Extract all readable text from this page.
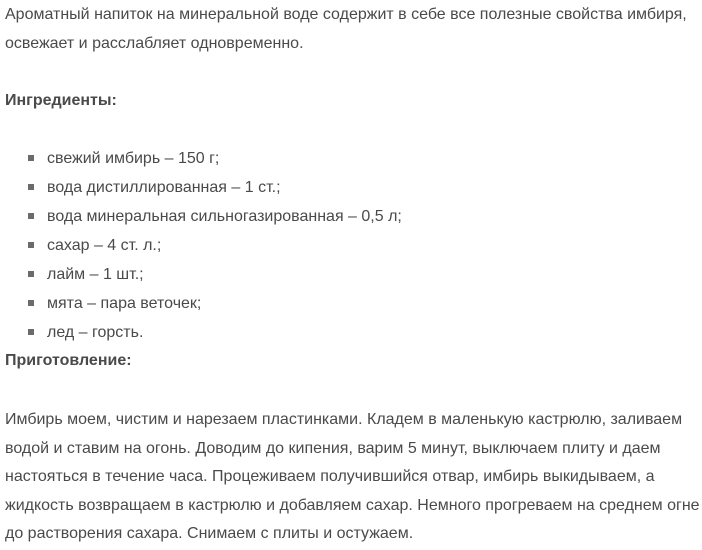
Ароматный напиток на минеральной воде содержит в себе все полезные свойства имбиря, освежает и расслабляет одновременно.

Ингредиенты:
свежий имбирь – 150 г;
вода дистиллированная – 1 ст.;
вода минеральная сильногазированная – 0,5 л;
сахар – 4 ст. л.;
лайм – 1 шт.;
мята – пара веточек;
лед – горсть.
Приготовление:

Имбирь моем, чистим и нарезаем пластинками. Кладем в маленькую кастрюлю, заливаем водой и ставим на огонь. Доводим до кипения, варим 5 минут, выключаем плиту и даем настояться в течение часа. Процеживаем получившийся отвар, имбирь выкидываем, а жидкость возвращаем в кастрюлю и добавляем сахар. Немного прогреваем на среднем огне до растворения сахара. Снимаем с плиты и остужаем.
